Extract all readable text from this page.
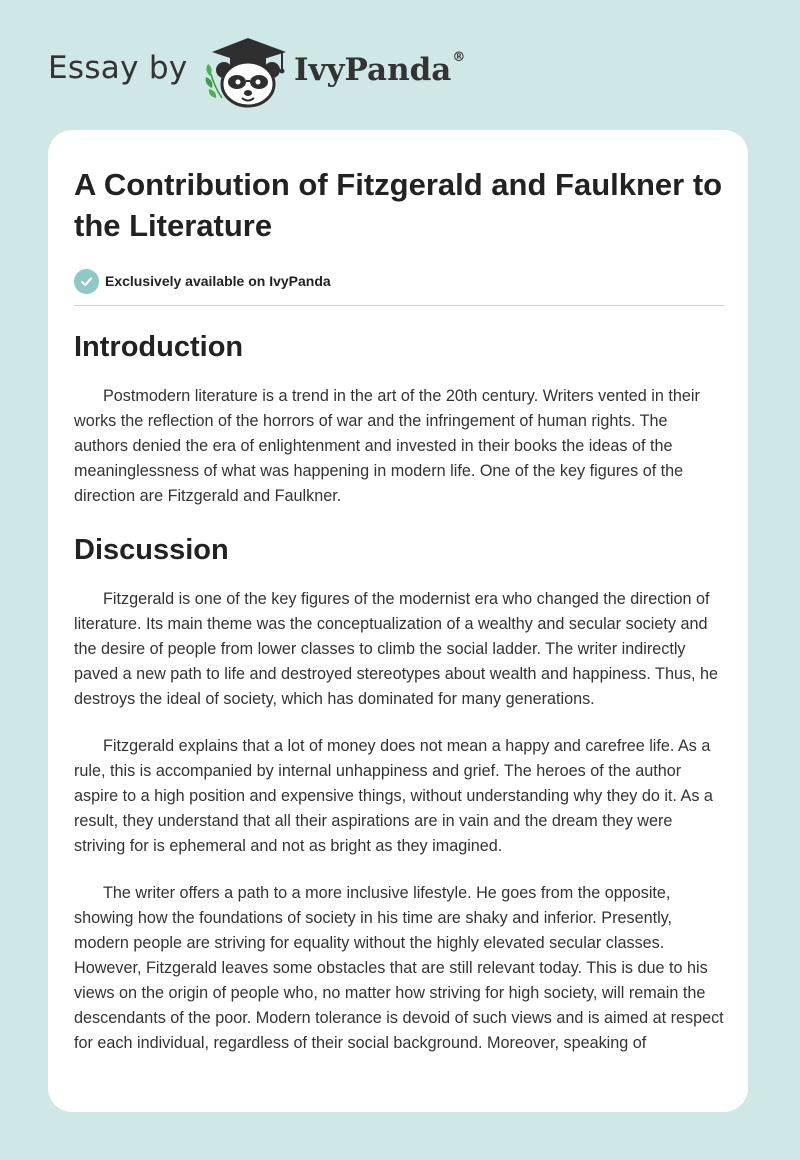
Essay by	IvyPanda®
A Contribution of Fitzgerald and Faulkner to the Literature
Exclusively available on IvyPanda
Introduction

Postmodern literature is a trend in the art of the 20th century. Writers vented in their works the reflection of the horrors of war and the infringement of human rights. The authors denied the era of enlightenment and invested in their books the ideas of the meaninglessness of what was happening in modern life. One of the key figures of the direction are Fitzgerald and Faulkner.

Discussion

Fitzgerald is one of the key figures of the modernist era who changed the direction of literature. Its main theme was the conceptualization of a wealthy and secular society and the desire of people from lower classes to climb the social ladder. The writer indirectly paved a new path to life and destroyed stereotypes about wealth and happiness. Thus, he destroys the ideal of society, which has dominated for many generations.

Fitzgerald explains that a lot of money does not mean a happy and carefree life. As a rule, this is accompanied by internal unhappiness and grief. The heroes of the author aspire to a high position and expensive things, without understanding why they do it. As a result, they understand that all their aspirations are in vain and the dream they were striving for is ephemeral and not as bright as they imagined.

The writer offers a path to a more inclusive lifestyle. He goes from the opposite, showing how the foundations of society in his time are shaky and inferior. Presently, modern people are striving for equality without the highly elevated secular classes. However, Fitzgerald leaves some obstacles that are still relevant today. This is due to his views on the origin of people who, no matter how striving for high society, will remain the descendants of the poor. Modern tolerance is devoid of such views and is aimed at respect for each individual, regardless of their social background. Moreover, speaking of
